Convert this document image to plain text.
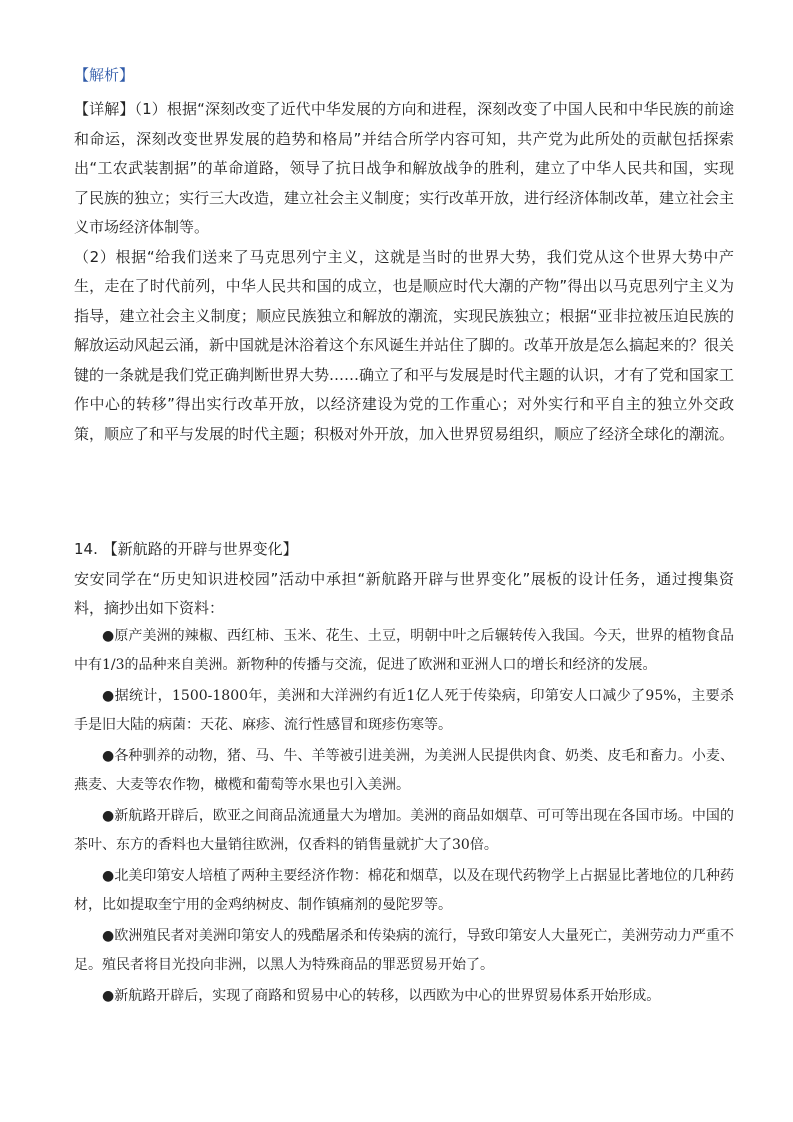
【解析】

【详解】（1）根据“深刻改变了近代中华发展的方向和进程，深刻改变了中国人民和中华民族的前途和命运，深刻改变世界发展的趋势和格局”并结合所学内容可知，共产党为此所处的贡献包括探索出“工农武装割据”的革命道路，领导了抗日战争和解放战争的胜利，建立了中华人民共和国，实现了民族的独立；实行三大改造，建立社会主义制度；实行改革开放，进行经济体制改革，建立社会主义市场经济体制等。

（2）根据“给我们送来了马克思列宁主义，这就是当时的世界大势，我们党从这个世界大势中产生，走在了时代前列，中华人民共和国的成立，也是顺应时代大潮的产物”得出以马克思列宁主义为指导，建立社会主义制度；顺应民族独立和解放的潮流，实现民族独立；根据“亚非拉被压迫民族的解放运动风起云涌，新中国就是沐浴着这个东风诞生并站住了脚的。改革开放是怎么搞起来的？很关键的一条就是我们党正确判断世界大势……确立了和平与发展是时代主题的认识，才有了党和国家工作中心的转移”得出实行改革开放，以经济建设为党的工作重心；对外实行和平自主的独立外交政策，顺应了和平与发展的时代主题；积极对外开放，加入世界贸易组织，顺应了经济全球化的潮流。

14. 【新航路的开辟与世界变化】

安安同学在“历史知识进校园”活动中承担“新航路开辟与世界变化”展板的设计任务，通过搜集资料，摘抄出如下资料：

●原产美洲的辣椒、西红柿、玉米、花生、土豆，明朝中叶之后辗转传入我国。今天，世界的植物食品中有1/3的品种来自美洲。新物种的传播与交流，促进了欧洲和亚洲人口的增长和经济的发展。

●据统计，1500-1800年，美洲和大洋洲约有近1亿人死于传染病，印第安人口减少了95%，主要杀手是旧大陆的病菌：天花、麻疹、流行性感冒和斑疹伤寒等。

●各种驯养的动物，猪、马、牛、羊等被引进美洲，为美洲人民提供肉食、奶类、皮毛和畜力。小麦、燕麦、大麦等农作物，橄榄和葡萄等水果也引入美洲。

●新航路开辟后，欧亚之间商品流通量大为增加。美洲的商品如烟草、可可等出现在各国市场。中国的茶叶、东方的香料也大量销往欧洲，仅香料的销售量就扩大了30倍。

●北美印第安人培植了两种主要经济作物：棉花和烟草，以及在现代药物学上占据显比著地位的几种药材，比如提取奎宁用的金鸡纳树皮、制作镇痛剂的曼陀罗等。

●欧洲殖民者对美洲印第安人的残酷屠杀和传染病的流行，导致印第安人大量死亡，美洲劳动力严重不足。殖民者将目光投向非洲，以黑人为特殊商品的罪恶贸易开始了。

●新航路开辟后，实现了商路和贸易中心的转移，以西欧为中心的世界贸易体系开始形成。
